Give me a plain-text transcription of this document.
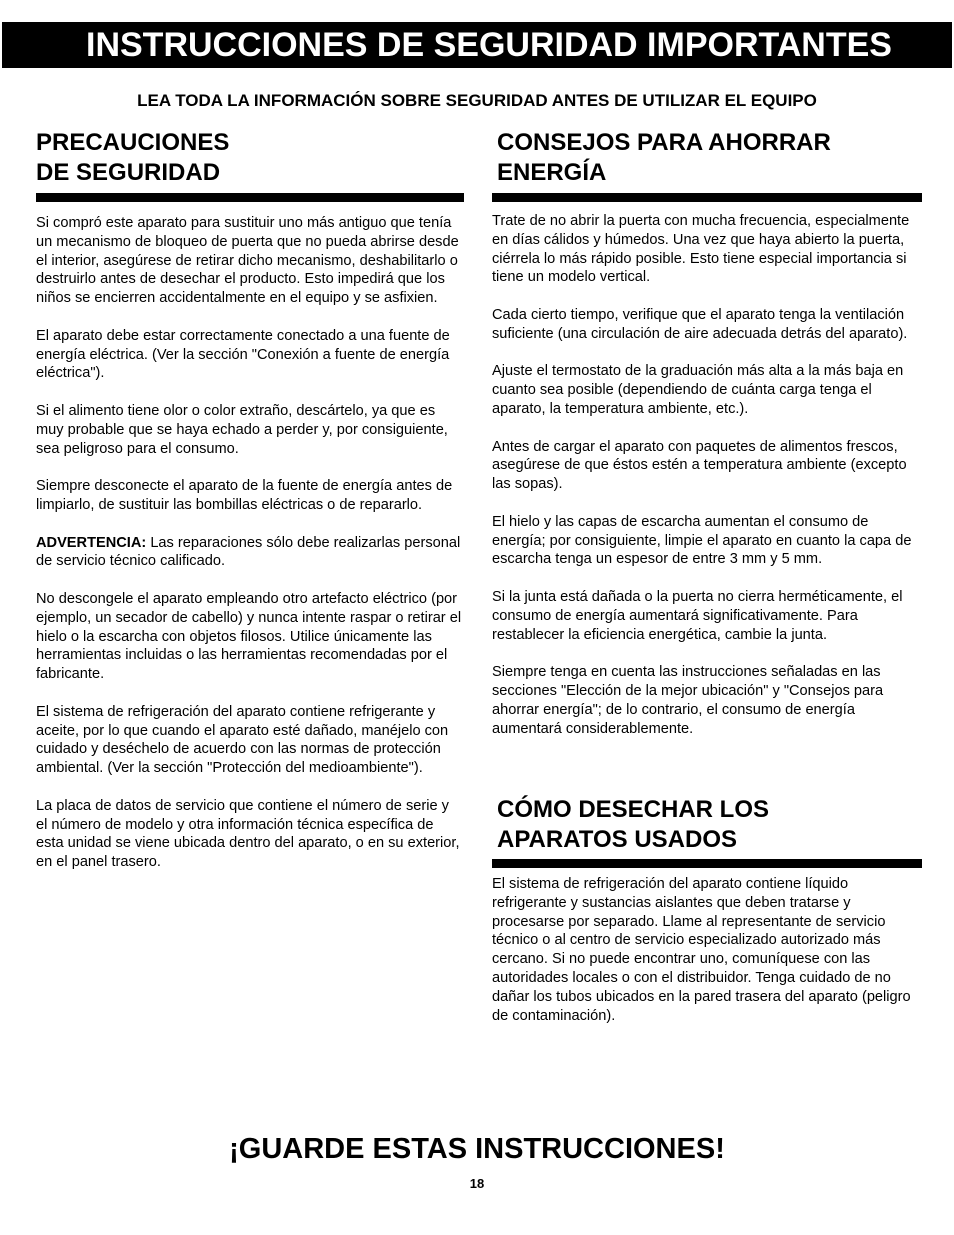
INSTRUCCIONES DE SEGURIDAD IMPORTANTES
LEA TODA LA INFORMACIÓN SOBRE SEGURIDAD ANTES DE UTILIZAR EL EQUIPO
PRECAUCIONES
DE SEGURIDAD

Si compró este aparato para sustituir uno más antiguo que tenía un mecanismo de bloqueo de puerta que no pueda abrirse desde el interior, asegúrese de retirar dicho mecanismo, deshabilitarlo o destruirlo antes de desechar el producto. Esto impedirá que los niños se encierren accidentalmente en el equipo y se asfixien.

El aparato debe estar correctamente conectado a una fuente de energía eléctrica. (Ver la sección "Conexión a fuente de energía eléctrica").

Si el alimento tiene olor o color extraño, descártelo, ya que es muy probable que se haya echado a perder y, por consiguiente, sea peligroso para el consumo.

Siempre desconecte el aparato de la fuente de energía antes de limpiarlo, de sustituir las bombillas eléctricas o de repararlo.

ADVERTENCIA: Las reparaciones sólo debe realizarlas personal de servicio técnico calificado.

No descongele el aparato empleando otro artefacto eléctrico (por ejemplo, un secador de cabello) y nunca intente raspar o retirar el hielo o la escarcha con objetos filosos. Utilice únicamente las herramientas incluidas o las herramientas recomendadas por el fabricante.

El sistema de refrigeración del aparato contiene refrigerante y aceite, por lo que cuando el aparato esté dañado, manéjelo con cuidado y deséchelo de acuerdo con las normas de protección ambiental. (Ver la sección "Protección del medioambiente").

La placa de datos de servicio que contiene el número de serie y el número de modelo y otra información técnica específica de esta unidad se viene ubicada dentro del aparato, o en su exterior, en el panel trasero.

CONSEJOS PARA AHORRAR
ENERGÍA

Trate de no abrir la puerta con mucha frecuencia, especialmente en días cálidos y húmedos. Una vez que haya abierto la puerta, ciérrela lo más rápido posible. Esto tiene especial importancia si tiene un modelo vertical.

Cada cierto tiempo, verifique que el aparato tenga la ventilación suficiente (una circulación de aire adecuada detrás del aparato).

Ajuste el termostato de la graduación más alta a la más baja en cuanto sea posible (dependiendo de cuánta carga tenga el aparato, la temperatura ambiente, etc.).

Antes de cargar el aparato con paquetes de alimentos frescos, asegúrese de que éstos estén a temperatura ambiente (excepto las sopas).

El hielo y las capas de escarcha aumentan el consumo de energía; por consiguiente, limpie el aparato en cuanto la capa de escarcha tenga un espesor de entre 3 mm y 5 mm.

Si la junta está dañada o la puerta no cierra herméticamente, el consumo de energía aumentará significativamente. Para restablecer la eficiencia energética, cambie la junta.

Siempre tenga en cuenta las instrucciones señaladas en las secciones "Elección de la mejor ubicación" y "Consejos para ahorrar energía"; de lo contrario, el consumo de energía aumentará considerablemente.

CÓMO DESECHAR LOS
APARATOS USADOS

El sistema de refrigeración del aparato contiene líquido refrigerante y sustancias aislantes que deben tratarse y procesarse por separado. Llame al representante de servicio técnico o al centro de servicio especializado autorizado más cercano. Si no puede encontrar uno, comuníquese con las autoridades locales o con el distribuidor. Tenga cuidado de no dañar los tubos ubicados en la pared trasera del aparato (peligro de contaminación).

¡GUARDE ESTAS INSTRUCCIONES!
18
